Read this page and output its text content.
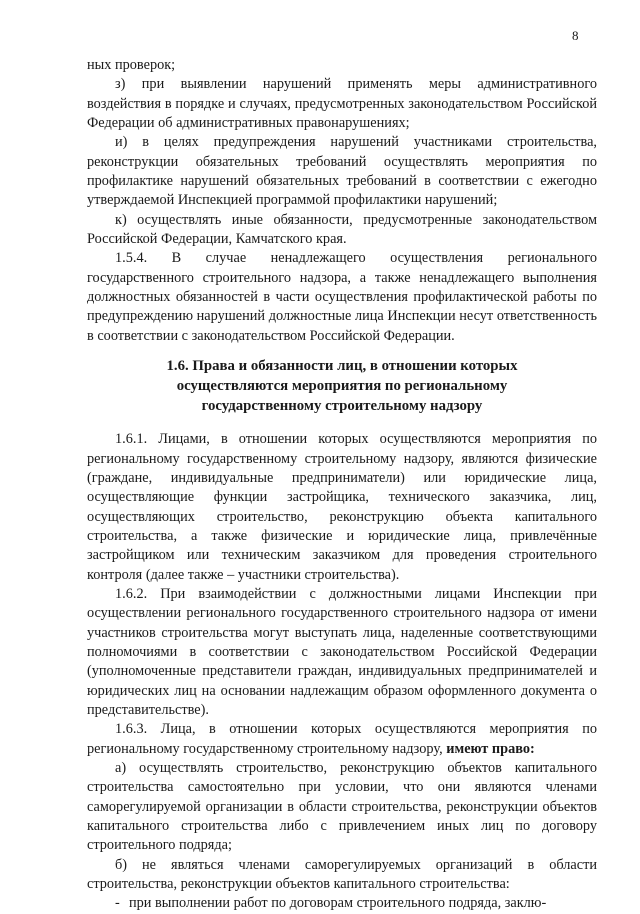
8

ных проверок;

з) при выявлении нарушений применять меры административного воздействия в порядке и случаях, предусмотренных законодательством Российской Федерации об административных правонарушениях;

и) в целях предупреждения нарушений участниками строительства, реконструкции обязательных требований осуществлять мероприятия по профилактике нарушений обязательных требований в соответствии с ежегодно утверждаемой Инспекцией программой профилактики нарушений;

к) осуществлять иные обязанности, предусмотренные законодательством Российской Федерации, Камчатского края.

1.5.4. В случае ненадлежащего осуществления регионального государственного строительного надзора, а также ненадлежащего выполнения должностных обязанностей в части осуществления профилактической работы по предупреждению нарушений должностные лица Инспекции несут ответственность в соответствии с законодательством Российской Федерации.

1.6. Права и обязанности лиц, в отношении которых осуществляются мероприятия по региональному государственному строительному надзору

1.6.1. Лицами, в отношении которых осуществляются мероприятия по региональному государственному строительному надзору, являются физические (граждане, индивидуальные предприниматели) или юридические лица, осуществляющие функции застройщика, технического заказчика, лиц, осуществляющих строительство, реконструкцию объекта капитального строительства, а также физические и юридические лица, привлечённые застройщиком или техническим заказчиком для проведения строительного контроля (далее также – участники строительства).

1.6.2. При взаимодействии с должностными лицами Инспекции при осуществлении регионального государственного строительного надзора от имени участников строительства могут выступать лица, наделенные соответствующими полномочиями в соответствии с законодательством Российской Федерации (уполномоченные представители граждан, индивидуальных предпринимателей и юридических лиц на основании надлежащим образом оформленного документа о представительстве).

1.6.3. Лица, в отношении которых осуществляются мероприятия по региональному государственному строительному надзору, имеют право:

а) осуществлять строительство, реконструкцию объектов капитального строительства самостоятельно при условии, что они являются членами саморегулируемой организации в области строительства, реконструкции объектов капитального строительства либо с привлечением иных лиц по договору строительного подряда;

б) не являться членами саморегулируемых организаций в области строительства, реконструкции объектов капитального строительства:

- при выполнении работ по договорам строительного подряда, заклю-
